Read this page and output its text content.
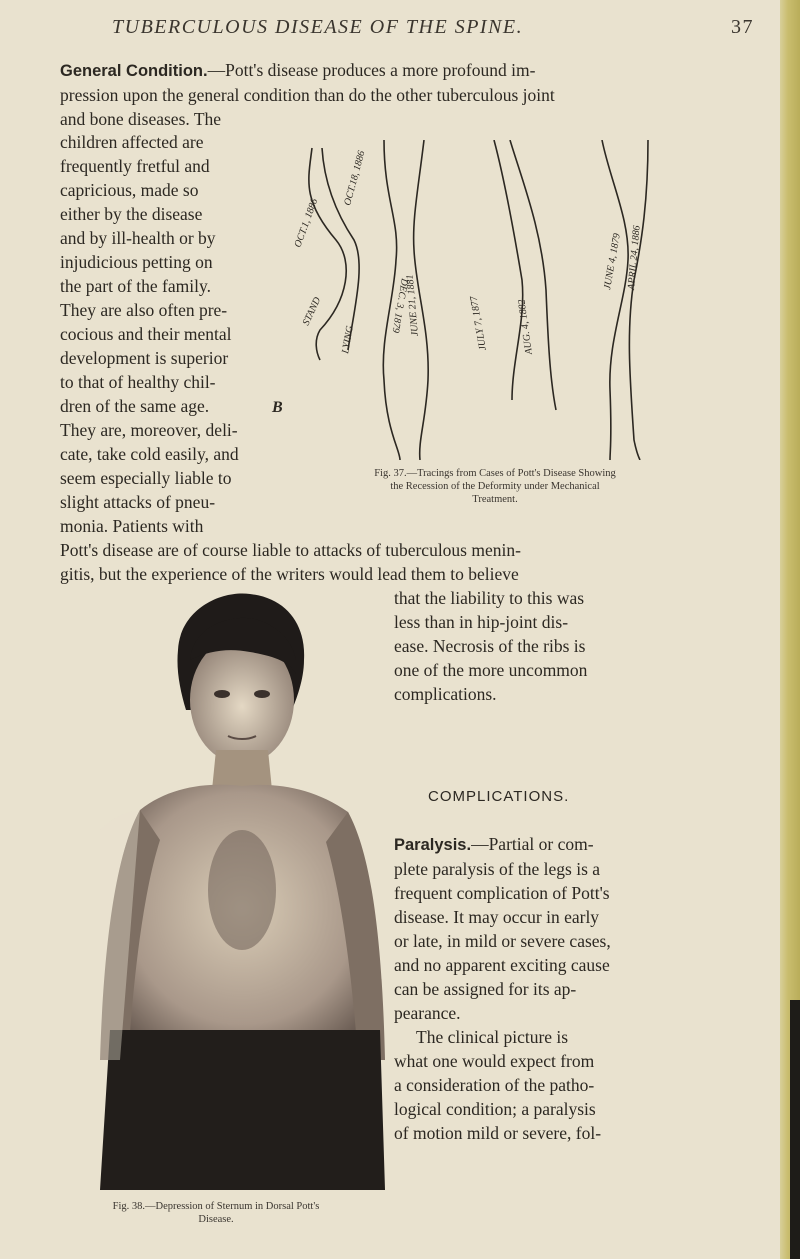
TUBERCULOUS DISEASE OF THE SPINE.	37

General Condition.—Pott's disease produces a more profound im-

pression upon the general condition than do the other tuberculous joint

and bone diseases. The

children affected are

frequently fretful and

capricious, made so

either by the disease

and by ill-health or by

injudicious petting on

the part of the family.

They are also often pre-

cocious and their mental

development is superior

to that of healthy chil-

dren of the same age.

They are, moreover, deli-

cate, take cold easily, and

seem especially liable to

slight attacks of pneu-

monia. Patients with

OCT.1, 1886
OCT.18, 1886
LYING
STAND	DEC. 3, 1879
JUNE 21, 1881	JULY 7, 1877	AUG. 4, 1882
JUNE 4, 1879 APRIL 24, 1886
B
Fig. 37.—Tracings from Cases of Pott's Disease Showing
the Recession of the Deformity under Mechanical
Treatment.

Pott's disease are of course liable to attacks of tuberculous menin-

gitis, but the experience of the writers would lead them to believe

that the liability to this was

less than in hip-joint dis-

ease. Necrosis of the ribs is

one of the more uncommon

complications.

COMPLICATIONS.

Paralysis.—Partial or com-

plete paralysis of the legs is a

frequent complication of Pott's

disease. It may occur in early

or late, in mild or severe cases,

and no apparent exciting cause

can be assigned for its ap-

pearance.

The clinical picture is

what one would expect from

a consideration of the patho-

logical condition; a paralysis

of motion mild or severe, fol-

Fig. 38.—Depression of Sternum in Dorsal Pott's
Disease.
